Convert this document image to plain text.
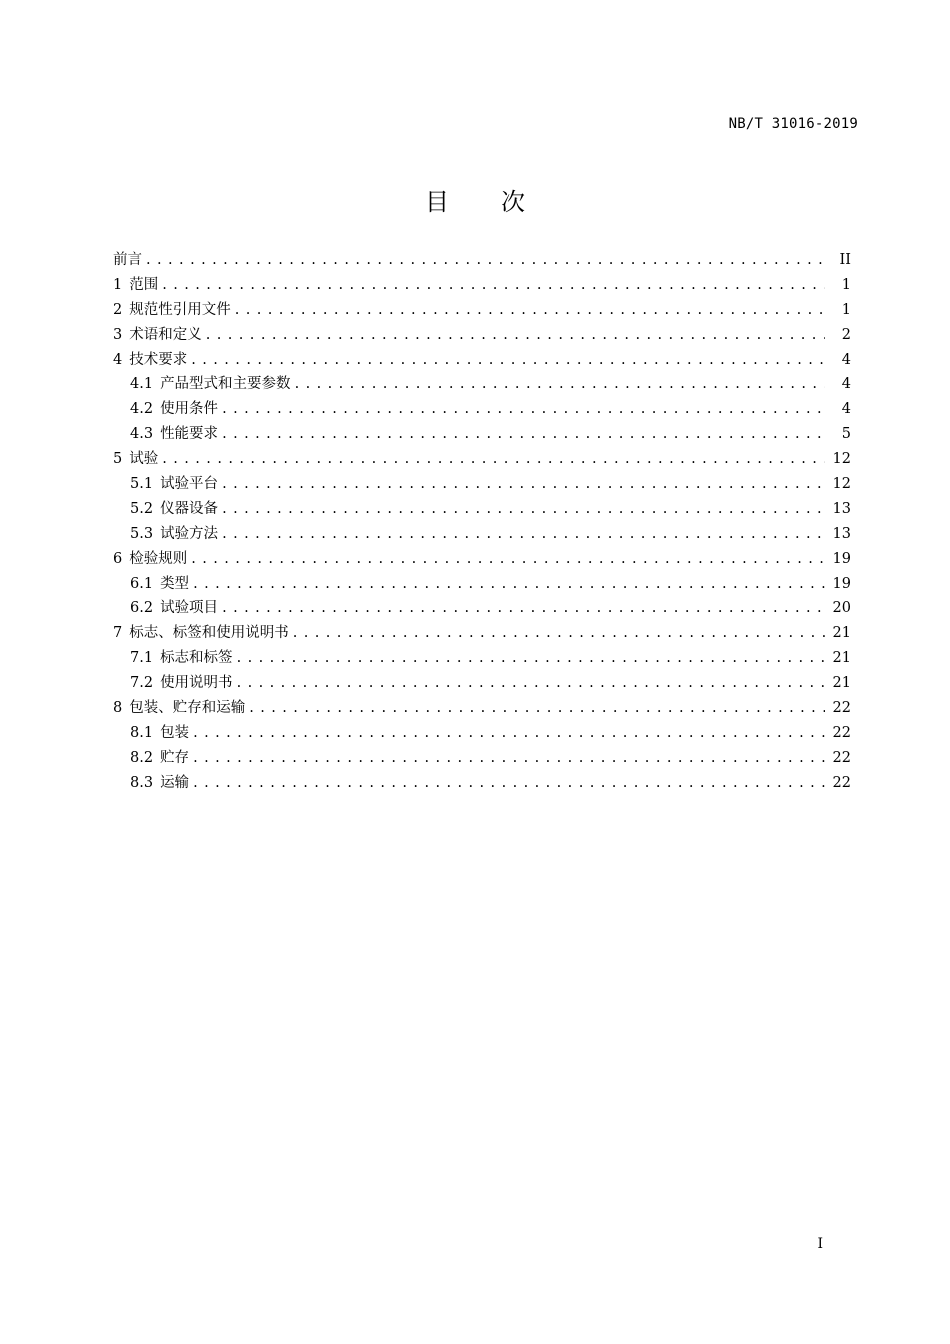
NB/T 31016-2019
目 次
前言 . . .	II
1 范围 . . .	1
2 规范性引用文件 . . .	1
3 术语和定义 . . .	2
4 技术要求 . . .	4
4.1 产品型式和主要参数 . . .	4
4.2 使用条件 . . .	4
4.3 性能要求 . . .	5
5 试验 . . .	12
5.1 试验平台 . . .	12
5.2 仪器设备 . . .	13
5.3 试验方法 . . .	13
6 检验规则 . . .	19
6.1 类型 . . .	19
6.2 试验项目 . . .	20
7 标志、标签和使用说明书 . . .	21
7.1 标志和标签 . . .	21
7.2 使用说明书 . . .	21
8 包装、贮存和运输 . . .	22
8.1 包装 . . .	22
8.2 贮存 . . .	22
8.3 运输 . . .	22
I
